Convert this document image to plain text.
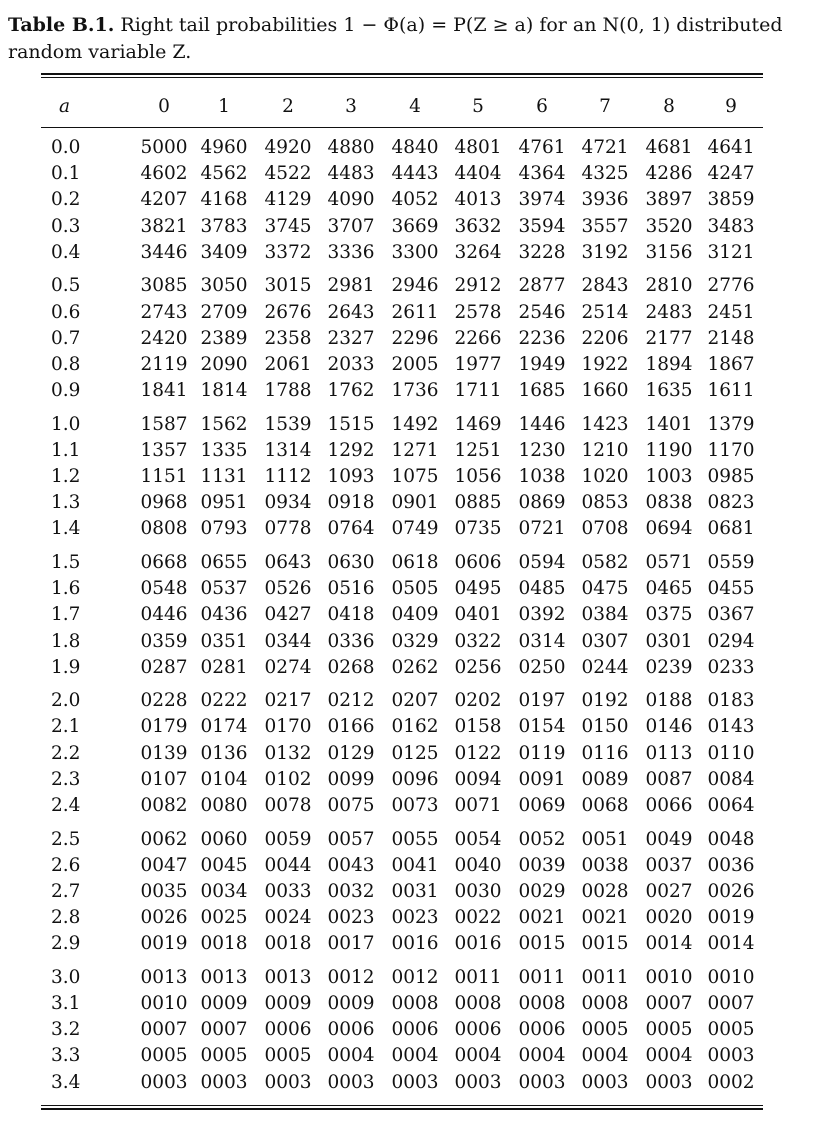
Table B.1. Right tail probabilities 1 − Φ(a) = P(Z ≥ a) for an N(0, 1) distributed random variable Z.
a	0	1	2	3	4	5	6	7	8	9
0.0	5000 4960 4920 4880 4840 4801 4761 4721 4681 4641
0.1	4602 4562 4522 4483 4443 4404 4364 4325 4286 4247
0.2	4207 4168 4129 4090 4052 4013 3974 3936 3897 3859
0.3	3821 3783 3745 3707 3669 3632 3594 3557 3520 3483
0.4	3446 3409 3372 3336 3300 3264 3228 3192 3156 3121
0.5	3085 3050 3015 2981 2946 2912 2877 2843 2810 2776
0.6	2743 2709 2676 2643 2611 2578 2546 2514 2483 2451
0.7	2420 2389 2358 2327 2296 2266 2236 2206 2177 2148
0.8	2119 2090 2061 2033 2005 1977 1949 1922 1894 1867
0.9	1841 1814 1788 1762 1736 1711 1685 1660 1635 1611
1.0	1587 1562 1539 1515 1492 1469 1446 1423 1401 1379
1.1	1357 1335 1314 1292 1271 1251 1230 1210 1190 1170
1.2	1151 1131 1112 1093 1075 1056 1038 1020 1003 0985
1.3	0968 0951 0934 0918 0901 0885 0869 0853 0838 0823
1.4	0808 0793 0778 0764 0749 0735 0721 0708 0694 0681
1.5	0668 0655 0643 0630 0618 0606 0594 0582 0571 0559
1.6	0548 0537 0526 0516 0505 0495 0485 0475 0465 0455
1.7	0446 0436 0427 0418 0409 0401 0392 0384 0375 0367
1.8	0359 0351 0344 0336 0329 0322 0314 0307 0301 0294
1.9	0287 0281 0274 0268 0262 0256 0250 0244 0239 0233
2.0	0228 0222 0217 0212 0207 0202 0197 0192 0188 0183
2.1	0179 0174 0170 0166 0162 0158 0154 0150 0146 0143
2.2	0139 0136 0132 0129 0125 0122 0119 0116 0113 0110
2.3	0107 0104 0102 0099 0096 0094 0091 0089 0087 0084
2.4	0082 0080 0078 0075 0073 0071 0069 0068 0066 0064
2.5	0062 0060 0059 0057 0055 0054 0052 0051 0049 0048
2.6	0047 0045 0044 0043 0041 0040 0039 0038 0037 0036
2.7	0035 0034 0033 0032 0031 0030 0029 0028 0027 0026
2.8	0026 0025 0024 0023 0023 0022 0021 0021 0020 0019
2.9	0019 0018 0018 0017 0016 0016 0015 0015 0014 0014
3.0	0013 0013 0013 0012 0012 0011 0011 0011 0010 0010
3.1	0010 0009 0009 0009 0008 0008 0008 0008 0007 0007
3.2	0007 0007 0006 0006 0006 0006 0006 0005 0005 0005
3.3	0005 0005 0005 0004 0004 0004 0004 0004 0004 0003
3.4	0003 0003 0003 0003 0003 0003 0003 0003 0003 0002
